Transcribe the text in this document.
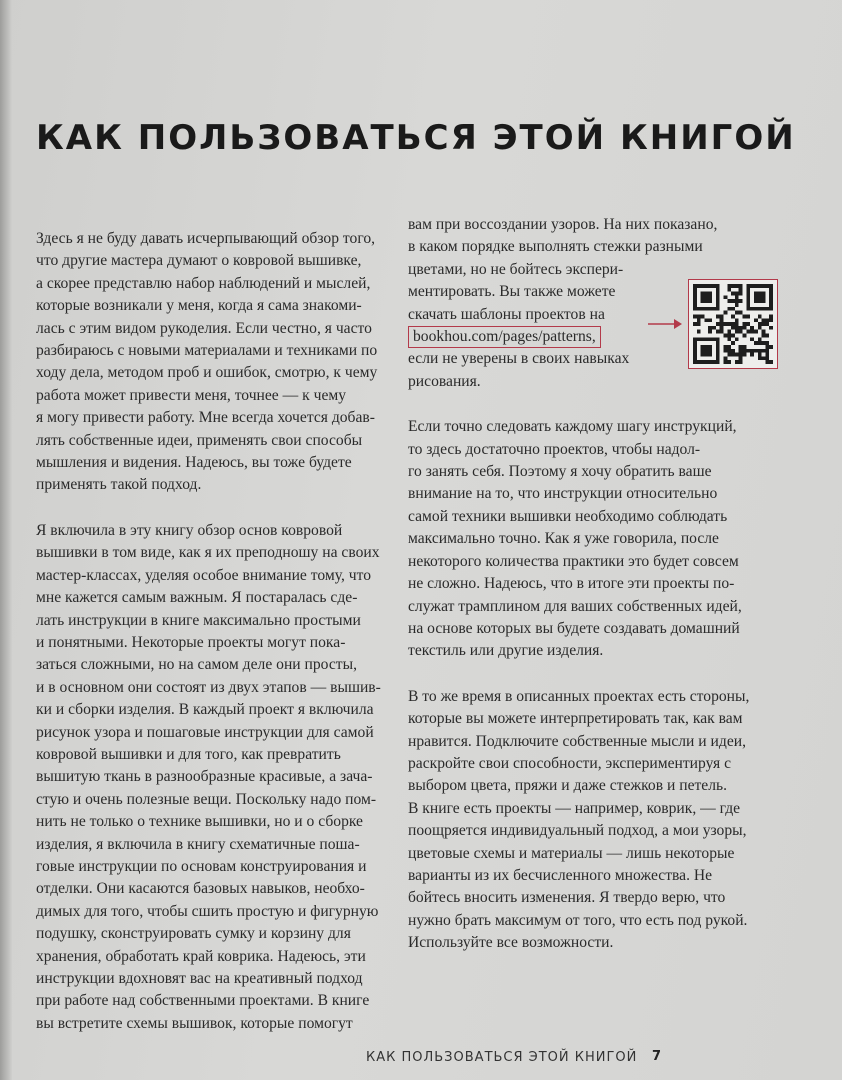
КАК ПОЛЬЗОВАТЬСЯ ЭТОЙ КНИГОЙ

Здесь я не буду давать исчерпывающий обзор того,
что другие мастера думают о ковровой вышивке,
а скорее представлю набор наблюдений и мыслей,
которые возникали у меня, когда я сама знакоми-
лась с этим видом рукоделия. Если честно, я часто
разбираюсь с новыми материалами и техниками по
ходу дела, методом проб и ошибок, смотрю, к чему
работа может привести меня, точнее — к чему
я могу привести работу. Мне всегда хочется добав-
лять собственные идеи, применять свои способы
мышления и видения. Надеюсь, вы тоже будете
применять такой подход.

Я включила в эту книгу обзор основ ковровой
вышивки в том виде, как я их преподношу на своих
мастер-классах, уделяя особое внимание тому, что
мне кажется самым важным. Я постаралась сде-
лать инструкции в книге максимально простыми
и понятными. Некоторые проекты могут пока-
заться сложными, но на самом деле они просты,
и в основном они состоят из двух этапов — вышив-
ки и сборки изделия. В каждый проект я включила
рисунок узора и пошаговые инструкции для самой
ковровой вышивки и для того, как превратить
вышитую ткань в разнообразные красивые, а зача-
стую и очень полезные вещи. Поскольку надо пом-
нить не только о технике вышивки, но и о сборке
изделия, я включила в книгу схематичные поша-
говые инструкции по основам конструирования и
отделки. Они касаются базовых навыков, необхо-
димых для того, чтобы сшить простую и фигурную
подушку, сконструировать сумку и корзину для
хранения, обработать край коврика. Надеюсь, эти
инструкции вдохновят вас на креативный подход
при работе над собственными проектами. В книге
вы встретите схемы вышивок, которые помогут

вам при воссоздании узоров. На них показано,
в каком порядке выполнять стежки разными
цветами, но не бойтесь экспери-
ментировать. Вы также можете
скачать шаблоны проектов на
bookhou.com/pages/patterns,
если не уверены в своих навыках
рисования.

Если точно следовать каждому шагу инструкций,
то здесь достаточно проектов, чтобы надол-
го занять себя. Поэтому я хочу обратить ваше
внимание на то, что инструкции относительно
самой техники вышивки необходимо соблюдать
максимально точно. Как я уже говорила, после
некоторого количества практики это будет совсем
не сложно. Надеюсь, что в итоге эти проекты по-
служат трамплином для ваших собственных идей,
на основе которых вы будете создавать домашний
текстиль или другие изделия.

В то же время в описанных проектах есть стороны,
которые вы можете интерпретировать так, как вам
нравится. Подключите собственные мысли и идеи,
раскройте свои способности, экспериментируя с
выбором цвета, пряжи и даже стежков и петель.
В книге есть проекты — например, коврик, — где
поощряется индивидуальный подход, а мои узоры,
цветовые схемы и материалы — лишь некоторые
варианты из их бесчисленного множества. Не
бойтесь вносить изменения. Я твердо верю, что
нужно брать максимум от того, что есть под рукой.
Используйте все возможности.

КАК ПОЛЬЗОВАТЬСЯ ЭТОЙ КНИГОЙ 7
